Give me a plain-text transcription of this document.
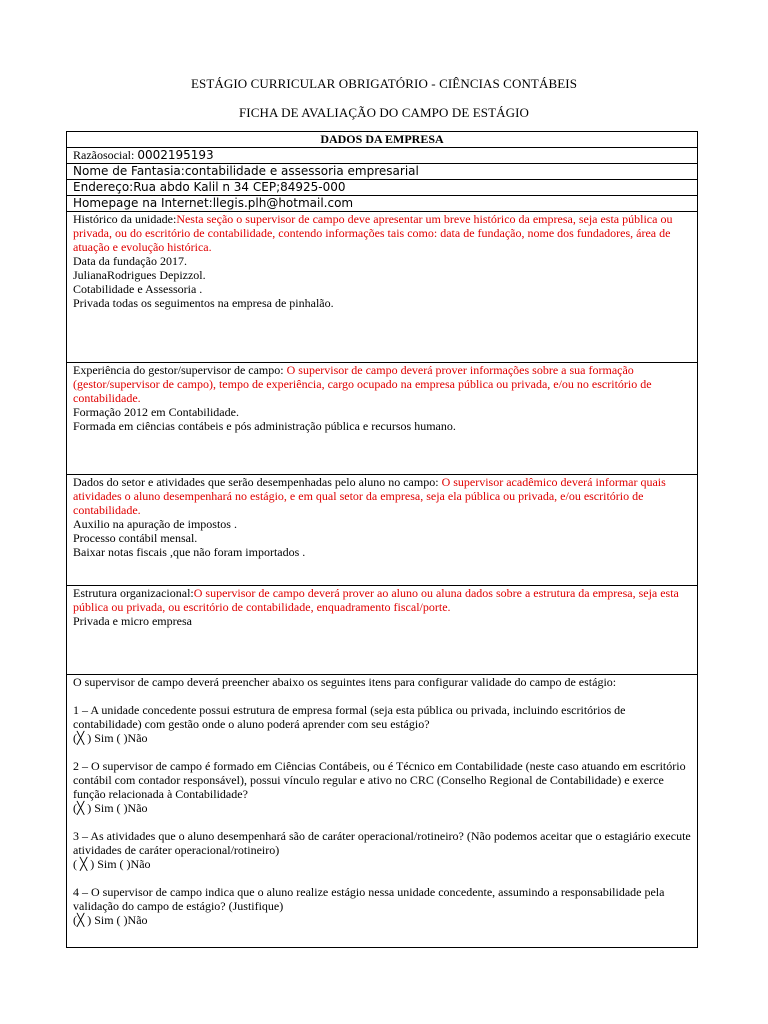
ESTÁGIO CURRICULAR OBRIGATÓRIO - CIÊNCIAS CONTÁBEIS
FICHA DE AVALIAÇÃO DO CAMPO DE ESTÁGIO
DADOS DA EMPRESA
Razãosocial: 0002195193
Nome de Fantasia:contabilidade e assessoria empresarial
Endereço:Rua abdo Kalil n 34 CEP;84925-000
Homepage na Internet:llegis.plh@hotmail.com
Histórico da unidade:Nesta seção o supervisor de campo deve apresentar um breve histórico da empresa, seja esta pública ou privada, ou do escritório de contabilidade, contendo informações tais como: data de fundação, nome dos fundadores, área de atuação e evolução histórica.
Data da fundação 2017.
JulianaRodrigues Depizzol.
Cotabilidade e Assessoria .
Privada todas os seguimentos na empresa de pinhalão.

Experiência do gestor/supervisor de campo: O supervisor de campo deverá prover informações sobre a sua formação (gestor/supervisor de campo), tempo de experiência, cargo ocupado na empresa pública ou privada, e/ou no escritório de contabilidade.
Formação 2012 em Contabilidade.
Formada em ciências contábeis e pós administração pública e recursos humano.

Dados do setor e atividades que serão desempenhadas pelo aluno no campo: O supervisor acadêmico deverá informar quais atividades o aluno desempenhará no estágio, e em qual setor da empresa, seja ela pública ou privada, e/ou escritório de contabilidade.
Auxilio na apuração de impostos .
Processo contábil mensal.
Baixar notas fiscais ,que não foram importados .

Estrutura organizacional:O supervisor de campo deverá prover ao aluno ou aluna dados sobre a estrutura da empresa, seja esta pública ou privada, ou escritório de contabilidade, enquadramento fiscal/porte.
Privada e micro empresa

O supervisor de campo deverá preencher abaixo os seguintes itens para configurar validade do campo de estágio:
1 – A unidade concedente possui estrutura de empresa formal (seja esta pública ou privada, incluindo escritórios de contabilidade) com gestão onde o aluno poderá aprender com seu estágio?
(╳ ) Sim ( )Não
2 – O supervisor de campo é formado em Ciências Contábeis, ou é Técnico em Contabilidade (neste caso atuando em escritório contábil com contador responsável), possui vínculo regular e ativo no CRC (Conselho Regional de Contabilidade) e exerce função relacionada à Contabilidade?
(╳ ) Sim ( )Não
3 – As atividades que o aluno desempenhará são de caráter operacional/rotineiro? (Não podemos aceitar que o estagiário execute atividades de caráter operacional/rotineiro)
( ╳ ) Sim ( )Não
4 – O supervisor de campo indica que o aluno realize estágio nessa unidade concedente, assumindo a responsabilidade pela validação do campo de estágio? (Justifique)
(╳ ) Sim ( )Não
